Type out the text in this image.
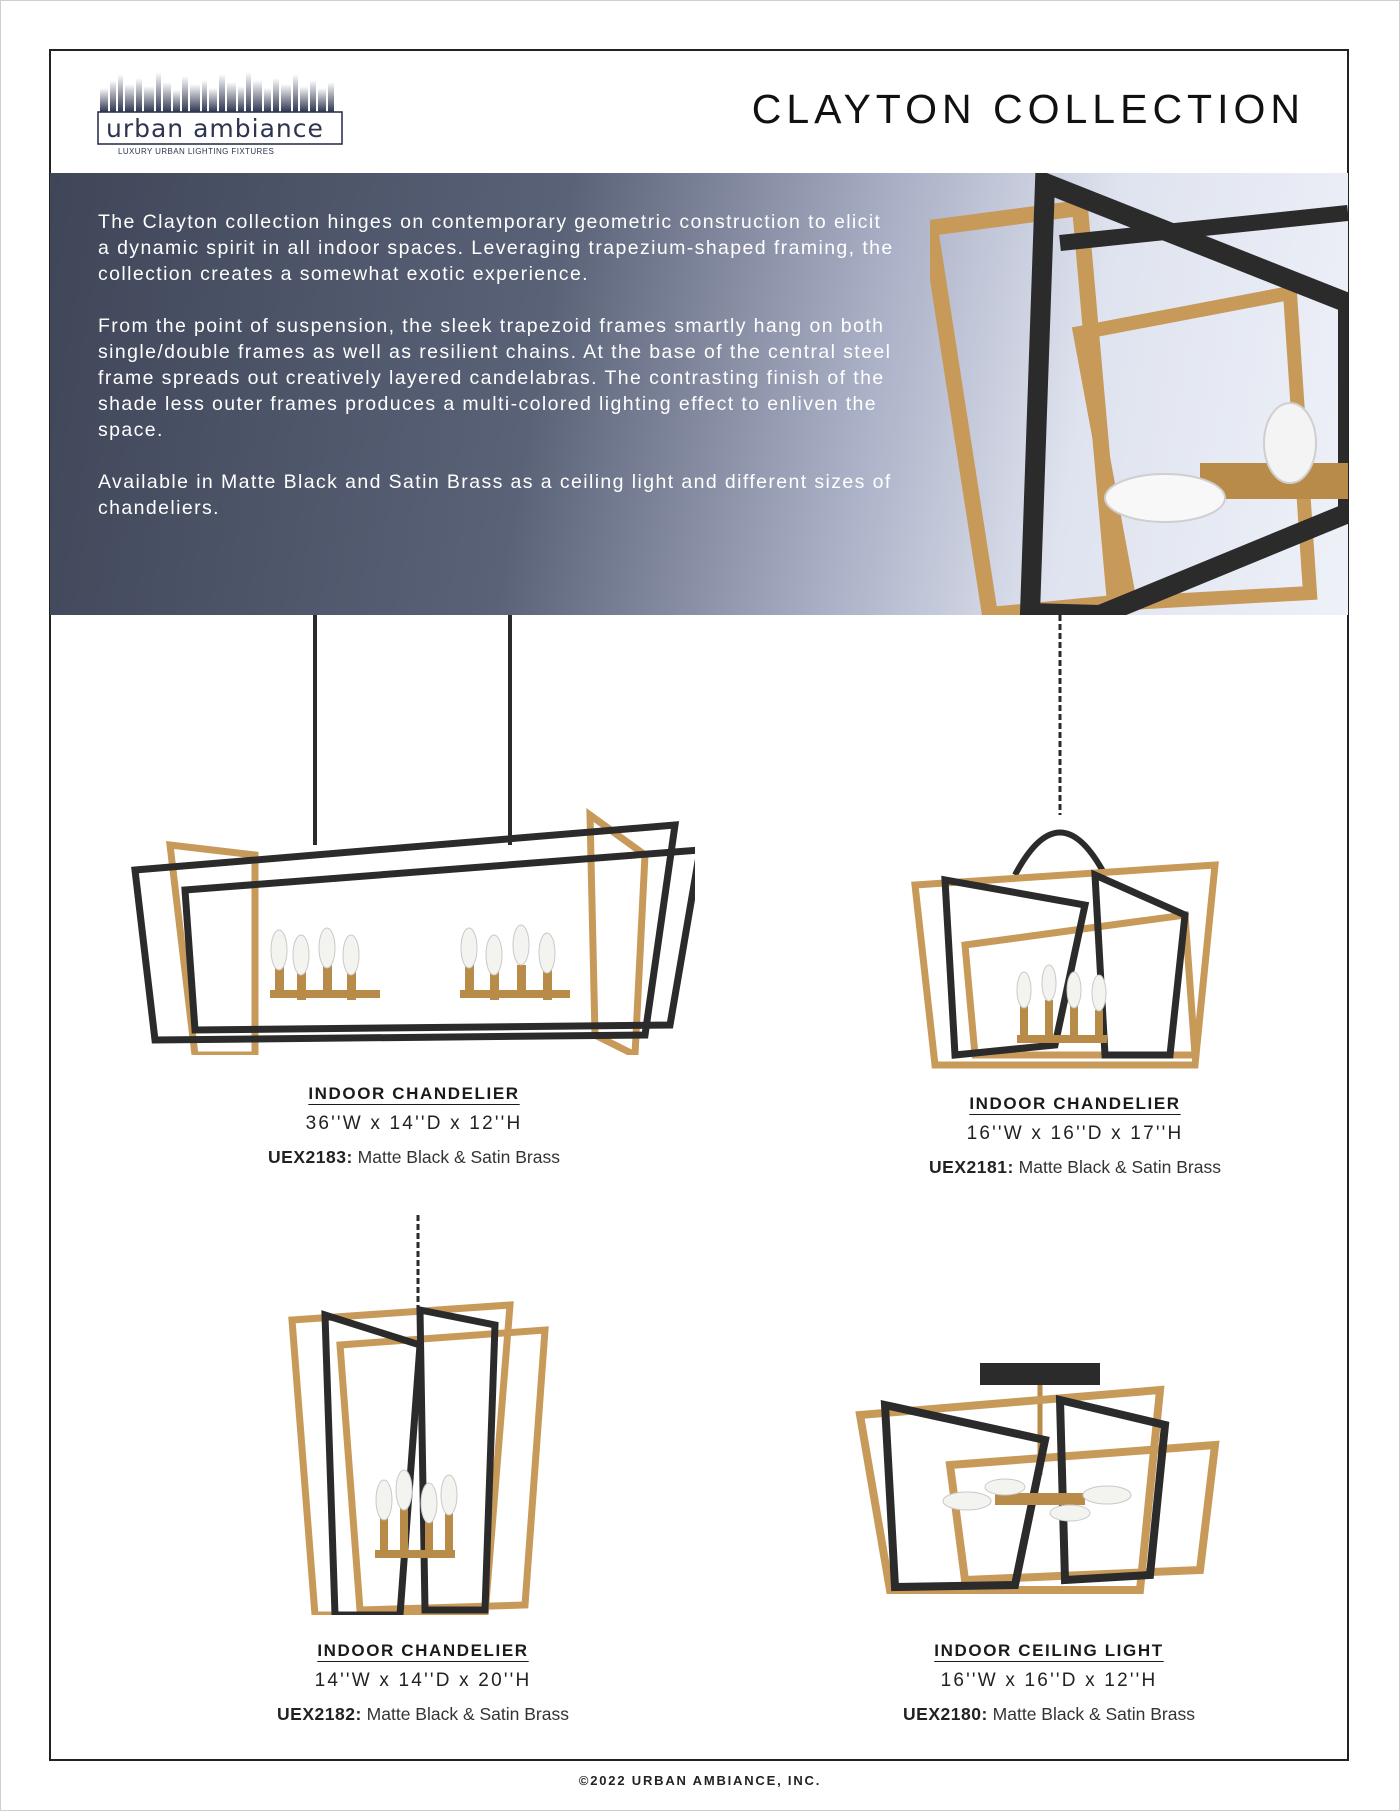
urban ambiance
LUXURY URBAN LIGHTING FIXTURES
CLAYTON COLLECTION

The Clayton collection hinges on contemporary geometric construction to elicit a dynamic spirit in all indoor spaces. Leveraging trapezium-shaped framing, the collection creates a somewhat exotic experience.

From the point of suspension, the sleek trapezoid frames smartly hang on both single/double frames as well as resilient chains. At the base of the central steel frame spreads out creatively layered candelabras. The contrasting finish of the shade less outer frames produces a multi-colored lighting effect to enliven the space.

Available in Matte Black and Satin Brass as a ceiling light and different sizes of chandeliers.

INDOOR CHANDELIER
36''W x 14''D x 12''H
UEX2183: Matte Black & Satin Brass
INDOOR CHANDELIER
16''W x 16''D x 17''H
UEX2181: Matte Black & Satin Brass
INDOOR CHANDELIER
14''W x 14''D x 20''H
UEX2182: Matte Black & Satin Brass
INDOOR CEILING LIGHT
16''W x 16''D x 12''H
UEX2180: Matte Black & Satin Brass
©2022 URBAN AMBIANCE, INC.
